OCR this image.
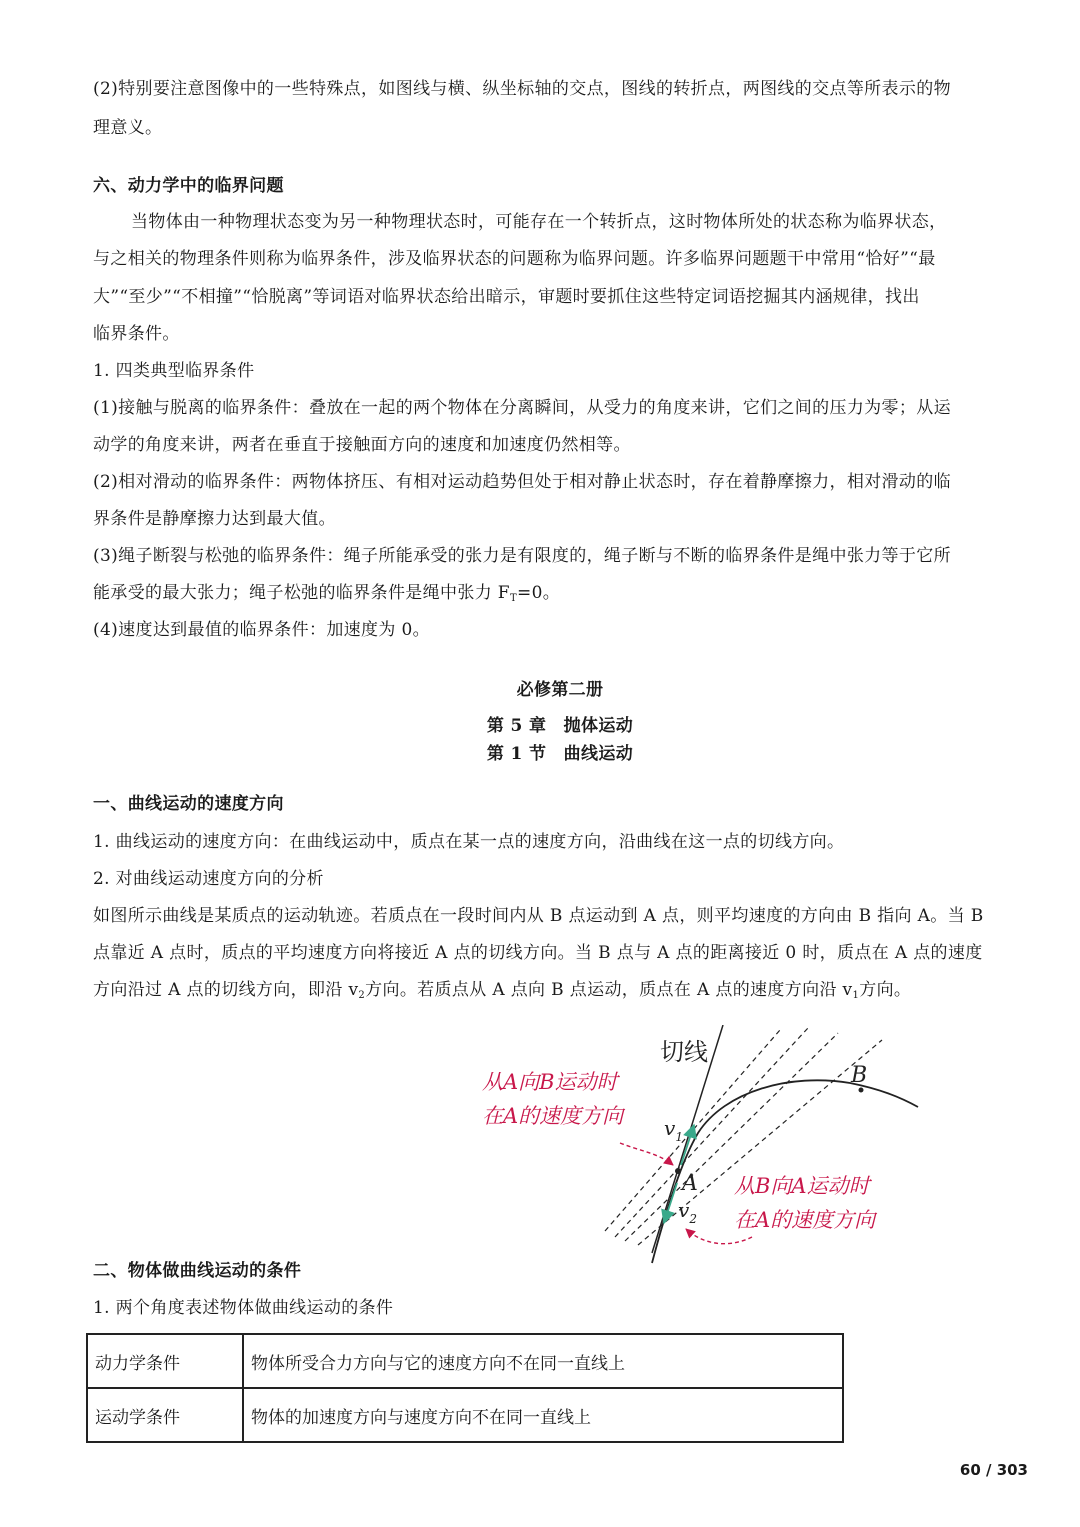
(2)特别要注意图像中的一些特殊点，如图线与横、纵坐标轴的交点，图线的转折点，两图线的交点等所表示的物
理意义。
六、动力学中的临界问题
当物体由一种物理状态变为另一种物理状态时，可能存在一个转折点，这时物体所处的状态称为临界状态，
与之相关的物理条件则称为临界条件，涉及临界状态的问题称为临界问题。许多临界问题题干中常用“恰好”“最
大”“至少”“不相撞”“恰脱离”等词语对临界状态给出暗示，审题时要抓住这些特定词语挖掘其内涵规律，找出
临界条件。
1. 四类典型临界条件
(1)接触与脱离的临界条件：叠放在一起的两个物体在分离瞬间，从受力的角度来讲，它们之间的压力为零；从运
动学的角度来讲，两者在垂直于接触面方向的速度和加速度仍然相等。
(2)相对滑动的临界条件：两物体挤压、有相对运动趋势但处于相对静止状态时，存在着静摩擦力，相对滑动的临
界条件是静摩擦力达到最大值。
(3)绳子断裂与松弛的临界条件：绳子所能承受的张力是有限度的，绳子断与不断的临界条件是绳中张力等于它所
能承受的最大张力；绳子松弛的临界条件是绳中张力 $F_T=0$。
(4)速度达到最值的临界条件：加速度为 0。
必修第二册
第 5 章　抛体运动
第 1 节　曲线运动
一、曲线运动的速度方向
1. 曲线运动的速度方向：在曲线运动中，质点在某一点的速度方向，沿曲线在这一点的切线方向。
2. 对曲线运动速度方向的分析
如图所示曲线是某质点的运动轨迹。若质点在一段时间内从 B 点运动到 A 点，则平均速度的方向由 B 指向 A。当 B
点靠近 A 点时，质点的平均速度方向将接近 A 点的切线方向。当 B 点与 A 点的距离接近 0 时，质点在 A 点的速度
方向沿过 A 点的切线方向，即沿 $v_2$方向。若质点从 A 点向 B 点运动，质点在 A 点的速度方向沿 $v_1$方向。
切线
B
A
$v_1$
$v_2$
从A向B运动时
在A的速度方向
从B向A运动时
在A的速度方向
二、物体做曲线运动的条件
1. 两个角度表述物体做曲线运动的条件
动力学条件	物体所受合力方向与它的速度方向不在同一直线上
运动学条件	物体的加速度方向与速度方向不在同一直线上
60 / 303
